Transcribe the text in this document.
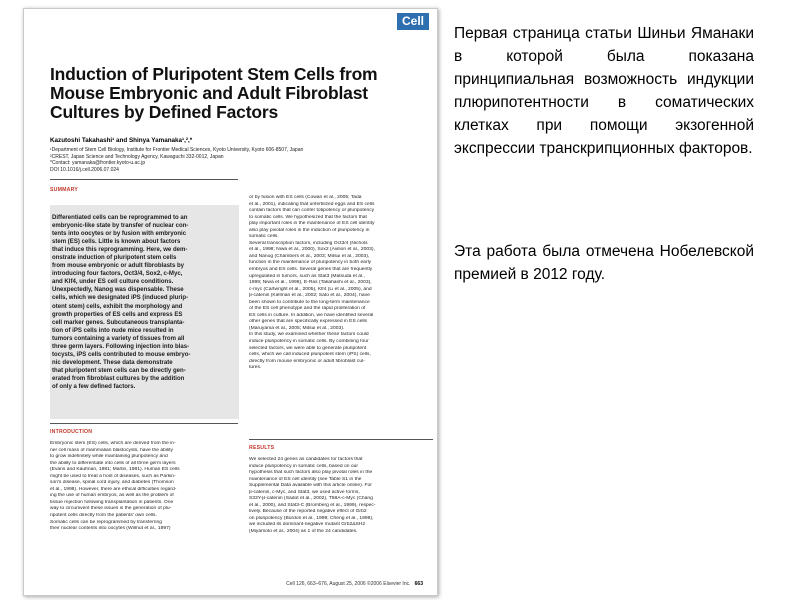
Cell
Induction of Pluripotent Stem Cells from Mouse Embryonic and Adult Fibroblast Cultures by Defined Factors
Kazutoshi Takahashi¹ and Shinya Yamanaka¹,²,*
¹Department of Stem Cell Biology, Institute for Frontier Medical Sciences, Kyoto University, Kyoto 606-8507, Japan
²CREST, Japan Science and Technology Agency, Kawaguchi 332-0012, Japan
*Contact: yamanaka@frontier.kyoto-u.ac.jp
DOI 10.1016/j.cell.2006.07.024
SUMMARY
Differentiated cells can be reprogrammed to an
embryonic-like state by transfer of nuclear con-
tents into oocytes or by fusion with embryonic
stem (ES) cells. Little is known about factors
that induce this reprogramming. Here, we dem-
onstrate induction of pluripotent stem cells
from mouse embryonic or adult fibroblasts by
introducing four factors, Oct3/4, Sox2, c-Myc,
and Klf4, under ES cell culture conditions.
Unexpectedly, Nanog was dispensable. These
cells, which we designated iPS (induced plurip-
otent stem) cells, exhibit the morphology and
growth properties of ES cells and express ES
cell marker genes. Subcutaneous transplanta-
tion of iPS cells into nude mice resulted in
tumors containing a variety of tissues from all
three germ layers. Following injection into blas-
tocysts, iPS cells contributed to mouse embryo-
nic development. These data demonstrate
that pluripotent stem cells can be directly gen-
erated from fibroblast cultures by the addition
of only a few defined factors.
INTRODUCTION
Embryonic stem (ES) cells, which are derived from the in-
ner cell mass of mammalian blastocysts, have the ability
to grow indefinitely while maintaining pluripotency and
the ability to differentiate into cells of all three germ layers
(Evans and Kaufman, 1981; Martin, 1981). Human ES cells
might be used to treat a host of diseases, such as Parkin-
son's disease, spinal cord injury, and diabetes (Thomson
et al., 1998). However, there are ethical difficulties regard-
ing the use of human embryos, as well as the problem of
tissue rejection following transplantation in patients. One
way to circumvent these issues is the generation of plu-
ripotent cells directly from the patients' own cells.
Somatic cells can be reprogrammed by transferring
their nuclear contents into oocytes (Wilmut et al., 1997)
or by fusion with ES cells (Cowan et al., 2005; Tada
et al., 2001), indicating that unfertilized eggs and ES cells
contain factors that can confer totipotency or pluripotency
to somatic cells. We hypothesized that the factors that
play important roles in the maintenance of ES cell identity
also play pivotal roles in the induction of pluripotency in
somatic cells.
Several transcription factors, including Oct3/4 (Nichols
et al., 1998; Niwa et al., 2000), Sox2 (Avilion et al., 2003),
and Nanog (Chambers et al., 2003; Mitsui et al., 2003),
function in the maintenance of pluripotency in both early
embryos and ES cells. Several genes that are frequently
upregulated in tumors, such as Stat3 (Matsuda et al.,
1999; Niwa et al., 1998), E-Ras (Takahashi et al., 2003),
c-myc (Cartwright et al., 2005), Klf4 (Li et al., 2005), and
β-catenin (Kielman et al., 2002; Sato et al., 2004), have
been shown to contribute to the long-term maintenance
of the ES cell phenotype and the rapid proliferation of
ES cells in culture. In addition, we have identified several
other genes that are specifically expressed in ES cells
(Maruyama et al., 2005; Mitsui et al., 2003).
In this study, we examined whether these factors could
induce pluripotency in somatic cells. By combining four
selected factors, we were able to generate pluripotent
cells, which we call induced pluripotent stem (iPS) cells,
directly from mouse embryonic or adult fibroblast cul-
tures.
RESULTS
We selected 24 genes as candidates for factors that
induce pluripotency in somatic cells, based on our
hypothesis that such factors also play pivotal roles in the
maintenance of ES cell identity (see Table S1 in the
Supplemental Data available with this article online). For
β-catenin, c-Myc, and Stat3, we used active forms,
S33Y-β-catenin (Sadot et al., 2002), T58A-c-Myc (Chang
et al., 2000), and Stat3-C (Bromberg et al., 1999), respec-
tively. Because of the reported negative effect of Grb2
on pluripotency (Burdon et al., 1999; Cheng et al., 1998),
we included its dominant-negative mutant Grb2ΔSH2
(Miyamoto et al., 2004) as 1 of the 24 candidates.
Cell 126, 663–676, August 25, 2006 ©2006 Elsevier Inc. 663

Первая страница статьи Шиньи Яманаки в которой была показана принципиальная возможность индукции плюрипотентности в соматических клетках при помощи экзогенной экспрессии транскрипционных факторов.

Эта работа была отмечена Нобелевской премией в 2012 году.
